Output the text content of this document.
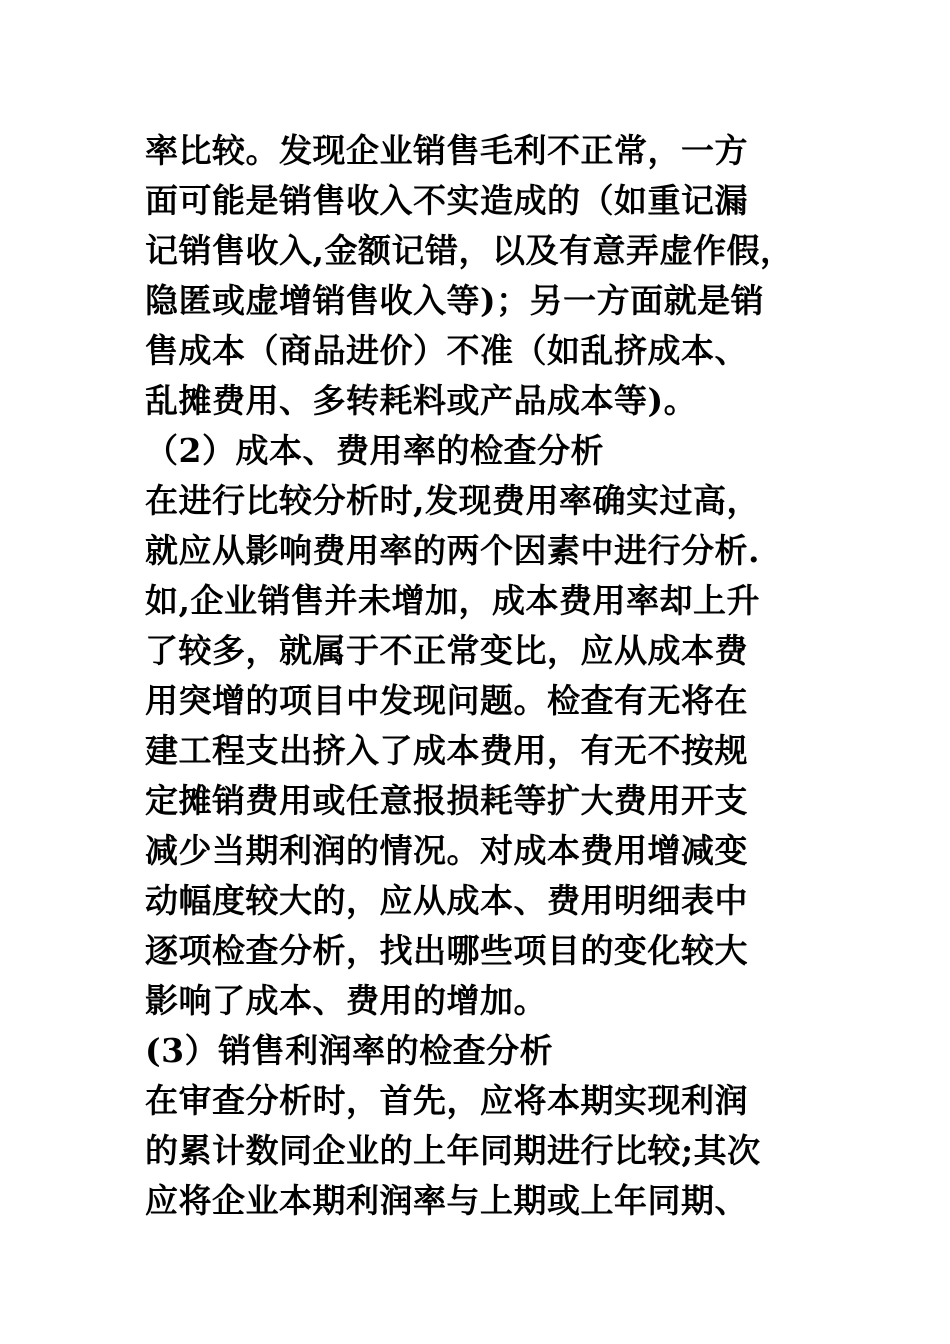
率比较。发现企业销售毛利不正常，一方
面可能是销售收入不实造成的（如重记漏
记销售收入,金额记错，以及有意弄虚作假，
隐匿或虚增销售收入等)；另一方面就是销
售成本（商品进价）不准（如乱挤成本、
乱摊费用、多转耗料或产品成本等)。
（2）成本、费用率的检查分析
在进行比较分析时,发现费用率确实过高，
就应从影响费用率的两个因素中进行分析.
如,企业销售并未增加，成本费用率却上升
了较多，就属于不正常变比，应从成本费
用突增的项目中发现问题。检查有无将在
建工程支出挤入了成本费用，有无不按规
定摊销费用或任意报损耗等扩大费用开支
减少当期利润的情况。对成本费用增减变
动幅度较大的，应从成本、费用明细表中
逐项检查分析，找出哪些项目的变化较大
影响了成本、费用的增加。
(3）销售利润率的检查分析
在审查分析时，首先，应将本期实现利润
的累计数同企业的上年同期进行比较;其次
应将企业本期利润率与上期或上年同期、
